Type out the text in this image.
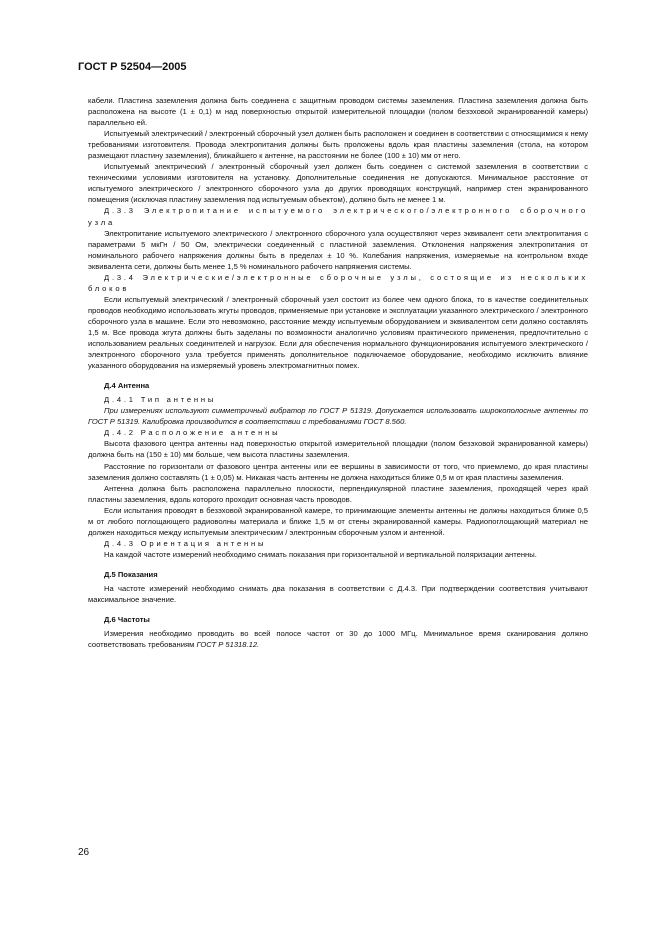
ГОСТ Р 52504—2005

кабели. Пластина заземления должна быть соединена с защитным проводом системы заземления. Пластина заземления должна быть расположена на высоте (1 ± 0,1) м над поверхностью открытой измерительной площадки (полом безэховой экранированной камеры) параллельно ей.

Испытуемый электрический / электронный сборочный узел должен быть расположен и соединен в соответствии с относящимися к нему требованиями изготовителя. Провода электропитания должны быть проложены вдоль края пластины заземления (стола, на котором размещают пластину заземления), ближайшего к антенне, на расстоянии не более (100 ± 10) мм от него.

Испытуемый электрический / электронный сборочный узел должен быть соединен с системой заземления в соответствии с техническими условиями изготовителя на установку. Дополнительные соединения не допускаются. Минимальное расстояние от испытуемого электрического / электронного сборочного узла до других проводящих конструкций, например стен экранированного помещения (исключая пластину заземления под испытуемым объектом), должно быть не менее 1 м.

Д.3.3 Электропитание испытуемого электрического/электронного сборочного узла

Электропитание испытуемого электрического / электронного сборочного узла осуществляют через эквивалент сети электропитания с параметрами 5 мкГн / 50 Ом, электрически соединенный с пластиной заземления. Отклонения напряжения электропитания от номинального рабочего напряжения должны быть в пределах ± 10 %. Колебания напряжения, измеряемые на контрольном входе эквивалента сети, должны быть менее 1,5 % номинального рабочего напряжения системы.

Д.3.4 Электрические/электронные сборочные узлы, состоящие из нескольких блоков

Если испытуемый электрический / электронный сборочный узел состоит из более чем одного блока, то в качестве соединительных проводов необходимо использовать жгуты проводов, применяемые при установке и эксплуатации указанного электрического / электронного сборочного узла в машине. Если это невозможно, расстояние между испытуемым оборудованием и эквивалентом сети должно составлять 1,5 м. Все провода жгута должны быть заделаны по возможности аналогично условиям практического применения, предпочтительно с использованием реальных соединителей и нагрузок. Если для обеспечения нормального функционирования испытуемого электрического / электронного сборочного узла требуется применять дополнительное подключаемое оборудование, необходимо исключить влияние указанного оборудования на измеряемый уровень электромагнитных помех.

Д.4 Антенна

Д.4.1 Тип антенны

При измерениях используют симметричный вибратор по ГОСТ Р 51319. Допускается использовать широкополосные антенны по ГОСТ Р 51319. Калибровка производится в соответствии с требованиями ГОСТ 8.560.

Д.4.2 Расположение антенны

Высота фазового центра антенны над поверхностью открытой измерительной площадки (полом безэховой экранированной камеры) должна быть на (150 ± 10) мм больше, чем высота пластины заземления.

Расстояние по горизонтали от фазового центра антенны или ее вершины в зависимости от того, что приемлемо, до края пластины заземления должно составлять (1 ± 0,05) м. Никакая часть антенны не должна находиться ближе 0,5 м от края пластины заземления.

Антенна должна быть расположена параллельно плоскости, перпендикулярной пластине заземления, проходящей через край пластины заземления, вдоль которого проходит основная часть проводов.

Если испытания проводят в безэховой экранированной камере, то принимающие элементы антенны не должны находиться ближе 0,5 м от любого поглощающего радиоволны материала и ближе 1,5 м от стены экранированной камеры. Радиопоглощающий материал не должен находиться между испытуемым электрическим / электронным сборочным узлом и антенной.

Д.4.3 Ориентация антенны

На каждой частоте измерений необходимо снимать показания при горизонтальной и вертикальной поляризации антенны.

Д.5 Показания

На частоте измерений необходимо снимать два показания в соответствии с Д.4.3. При подтверждении соответствия учитывают максимальное значение.

Д.6 Частоты

Измерения необходимо проводить во всей полосе частот от 30 до 1000 МГц. Минимальное время сканирования должно соответствовать требованиям ГОСТ Р 51318.12.

26
